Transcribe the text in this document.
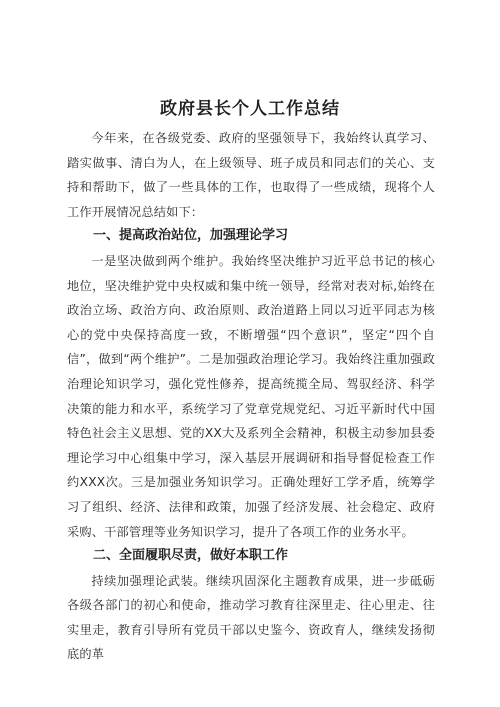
政府县长个人工作总结

今年来，在各级党委、政府的坚强领导下，我始终认真学习、踏实做事、清白为人，在上级领导、班子成员和同志们的关心、支持和帮助下，做了一些具体的工作，也取得了一些成绩，现将个人工作开展情况总结如下：

一、提高政治站位，加强理论学习

一是坚决做到两个维护。我始终坚决维护习近平总书记的核心地位，坚决维护党中央权威和集中统一领导，经常对表对标,始终在政治立场、政治方向、政治原则、政治道路上同以习近平同志为核心的党中央保持高度一致，不断增强“四个意识”，坚定“四个自信”，做到“两个维护”。二是加强政治理论学习。我始终注重加强政治理论知识学习，强化党性修养，提高统揽全局、驾驭经济、科学决策的能力和水平，系统学习了党章党规党纪、习近平新时代中国特色社会主义思想、党的XX大及系列全会精神，积极主动参加县委理论学习中心组集中学习，深入基层开展调研和指导督促检查工作约XXX次。三是加强业务知识学习。正确处理好工学矛盾，统筹学习了组织、经济、法律和政策，加强了经济发展、社会稳定、政府采购、干部管理等业务知识学习，提升了各项工作的业务水平。

二、全面履职尽责，做好本职工作

持续加强理论武装。继续巩固深化主题教育成果，进一步砥砺各级各部门的初心和使命，推动学习教育往深里走、往心里走、往实里走，教育引导所有党员干部以史鉴今、资政育人，继续发扬彻底的革
